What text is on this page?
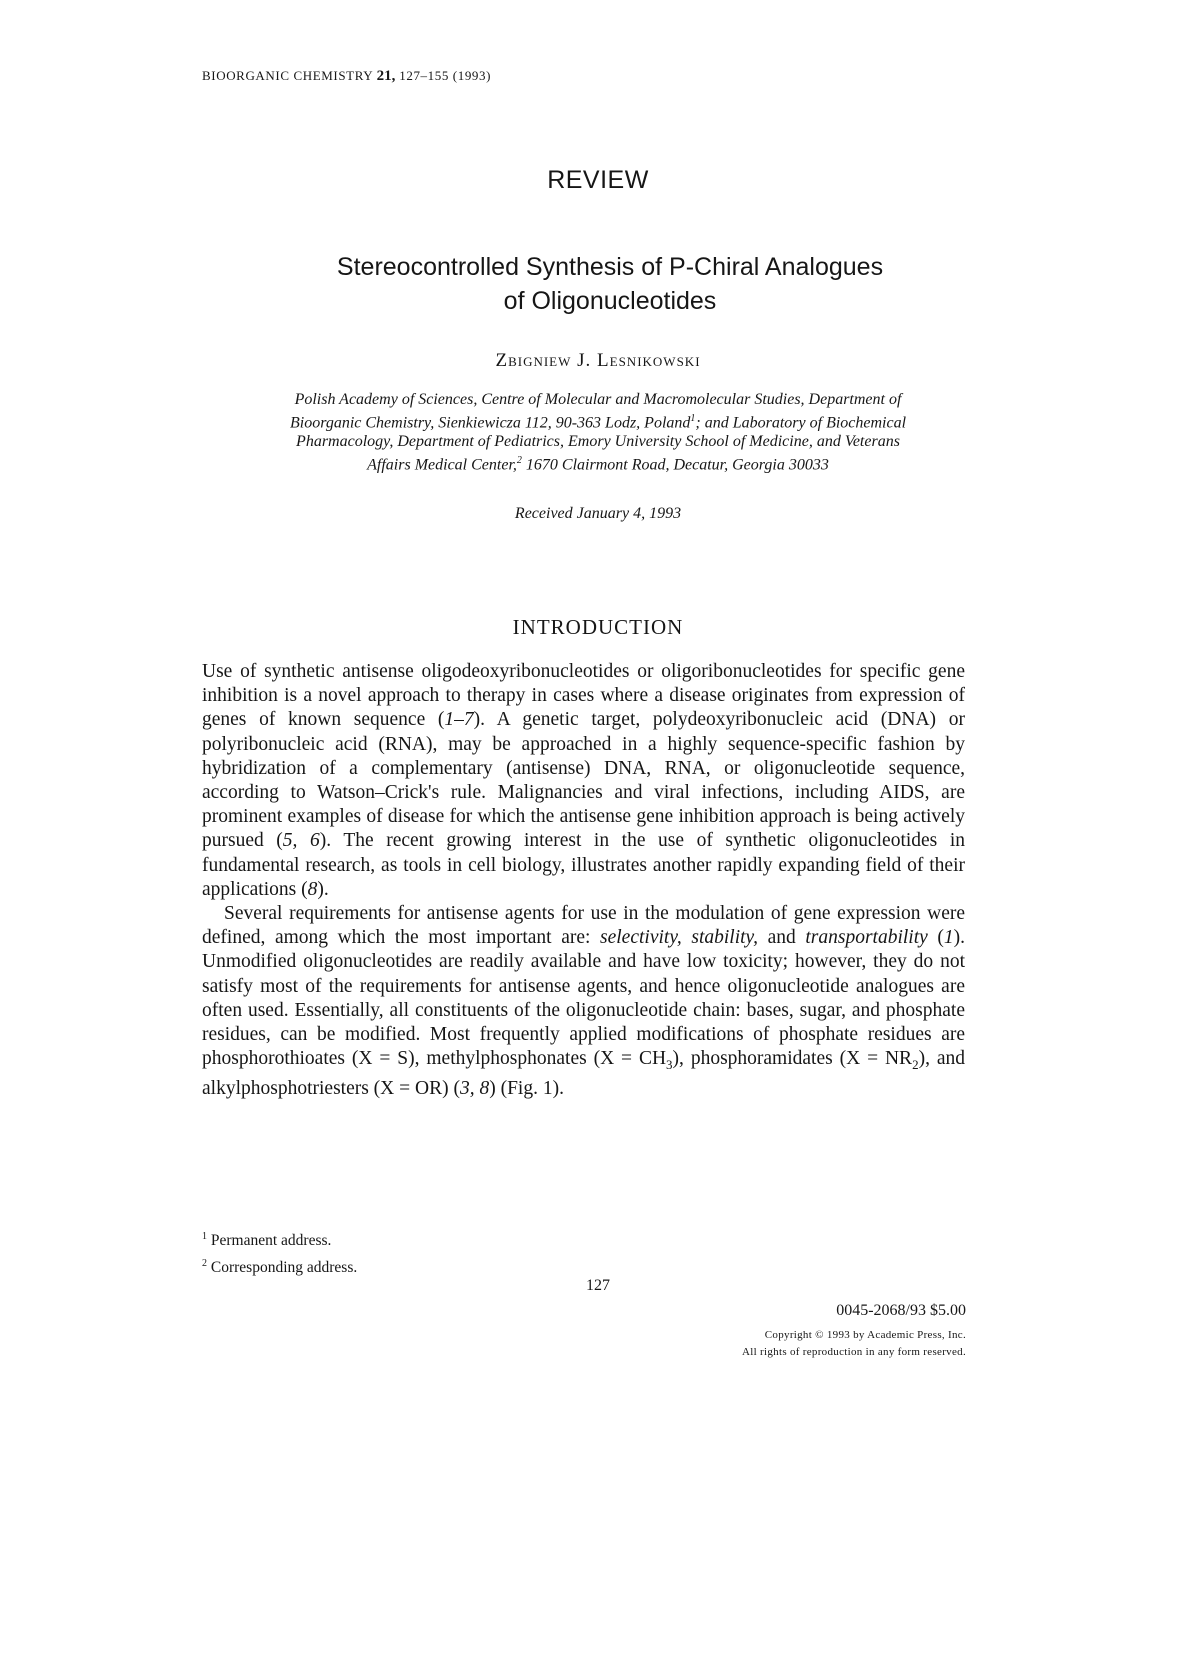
BIOORGANIC CHEMISTRY 21, 127–155 (1993)
REVIEW
Stereocontrolled Synthesis of P-Chiral Analogues
of Oligonucleotides
Zbigniew J. Lesnikowski
Polish Academy of Sciences, Centre of Molecular and Macromolecular Studies, Department of
Bioorganic Chemistry, Sienkiewicza 112, 90-363 Lodz, Poland$^1$; and Laboratory of Biochemical
Pharmacology, Department of Pediatrics, Emory University School of Medicine, and Veterans
Affairs Medical Center,$^2$ 1670 Clairmont Road, Decatur, Georgia 30033
Received January 4, 1993
INTRODUCTION

Use of synthetic antisense oligodeoxyribonucleotides or oligoribonucleotides for specific gene inhibition is a novel approach to therapy in cases where a disease originates from expression of genes of known sequence (1–7). A genetic target, polydeoxyribonucleic acid (DNA) or polyribonucleic acid (RNA), may be approached in a highly sequence-specific fashion by hybridization of a complementary (antisense) DNA, RNA, or oligonucleotide sequence, according to Watson–Crick's rule. Malignancies and viral infections, including AIDS, are prominent examples of disease for which the antisense gene inhibition approach is being actively pursued (5, 6). The recent growing interest in the use of synthetic oligonucleotides in fundamental research, as tools in cell biology, illustrates another rapidly expanding field of their applications (8).

Several requirements for antisense agents for use in the modulation of gene expression were defined, among which the most important are: selectivity, stability, and transportability (1). Unmodified oligonucleotides are readily available and have low toxicity; however, they do not satisfy most of the requirements for antisense agents, and hence oligonucleotide analogues are often used. Essentially, all constituents of the oligonucleotide chain: bases, sugar, and phosphate residues, can be modified. Most frequently applied modifications of phosphate residues are phosphorothioates (X = S), methylphosphonates $(X = CH_3)$, phosphoramidates $(X = NR_2)$, and alkylphosphotriesters (X = OR) (3, 8) (Fig. 1).

$^1$ Permanent address.
$^2$ Corresponding address.
127
0045-2068/93 $5.00
Copyright © 1993 by Academic Press, Inc.
All rights of reproduction in any form reserved.
